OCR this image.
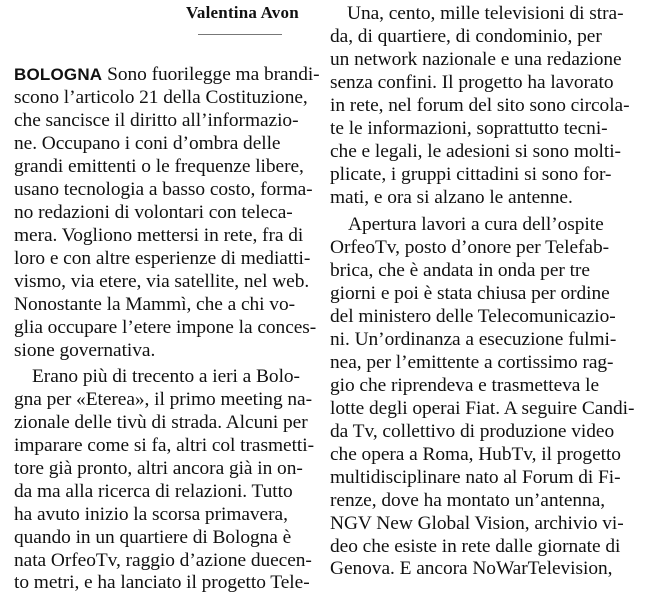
Valentina Avon
BOLOGNA Sono fuorilegge ma brandi-
scono l’articolo 21 della Costituzione,
che sancisce il diritto all’informazio-
ne. Occupano i coni d’ombra delle
grandi emittenti o le frequenze libere,
usano tecnologia a basso costo, forma-
no redazioni di volontari con teleca-
mera. Vogliono mettersi in rete, fra di
loro e con altre esperienze di mediatti-
vismo, via etere, via satellite, nel web.
Nonostante la Mammì, che a chi vo-
glia occupare l’etere impone la conces-
sione governativa.
Erano più di trecento a ieri a Bolo-
gna per «Eterea», il primo meeting na-
zionale delle tivù di strada. Alcuni per
imparare come si fa, altri col trasmetti-
tore già pronto, altri ancora già in on-
da ma alla ricerca di relazioni. Tutto
ha avuto inizio la scorsa primavera,
quando in un quartiere di Bologna è
nata OrfeoTv, raggio d’azione duecen-
to metri, e ha lanciato il progetto Tele-
Una, cento, mille televisioni di stra-
da, di quartiere, di condominio, per
un network nazionale e una redazione
senza confini. Il progetto ha lavorato
in rete, nel forum del sito sono circola-
te le informazioni, soprattutto tecni-
che e legali, le adesioni si sono molti-
plicate, i gruppi cittadini si sono for-
mati, e ora si alzano le antenne.
Apertura lavori a cura dell’ospite
OrfeoTv, posto d’onore per Telefab-
brica, che è andata in onda per tre
giorni e poi è stata chiusa per ordine
del ministero delle Telecomunicazio-
ni. Un’ordinanza a esecuzione fulmi-
nea, per l’emittente a cortissimo rag-
gio che riprendeva e trasmetteva le
lotte degli operai Fiat. A seguire Candi-
da Tv, collettivo di produzione video
che opera a Roma, HubTv, il progetto
multidisciplinare nato al Forum di Fi-
renze, dove ha montato un’antenna,
NGV New Global Vision, archivio vi-
deo che esiste in rete dalle giornate di
Genova. E ancora NoWarTelevision,
